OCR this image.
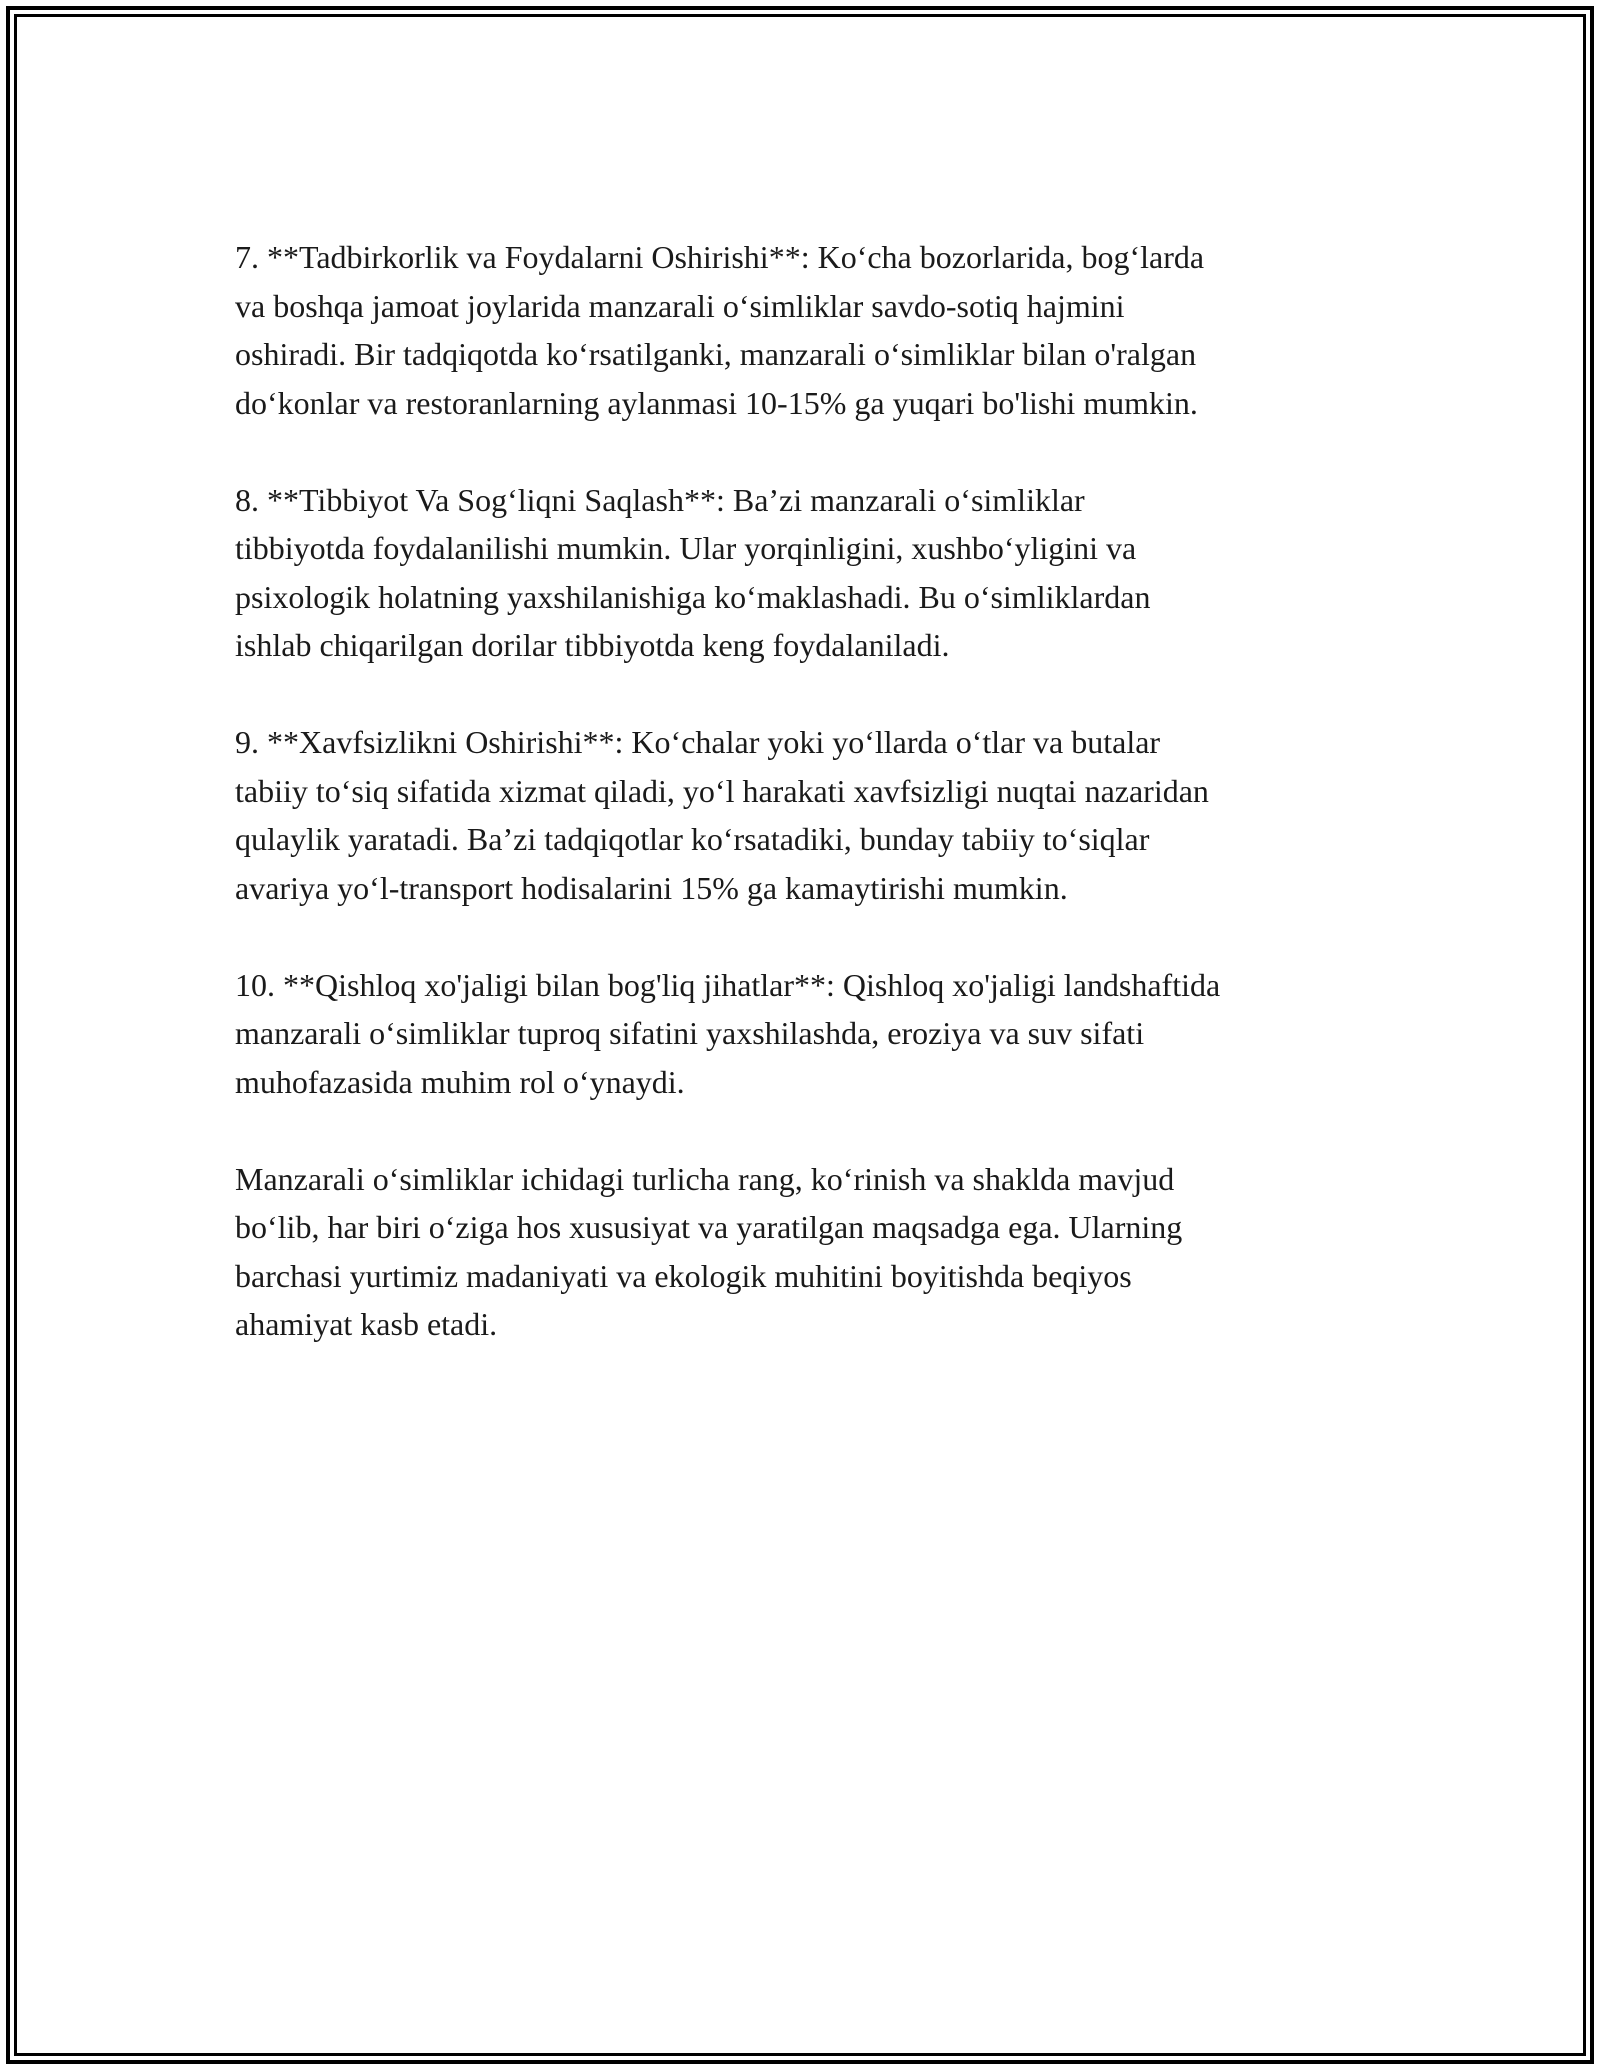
7. **Tadbirkorlik va Foydalarni Oshirishi**: Ko‘cha bozorlarida, bog‘larda
va boshqa jamoat joylarida manzarali o‘simliklar savdo-sotiq hajmini
oshiradi. Bir tadqiqotda ko‘rsatilganki, manzarali o‘simliklar bilan o'ralgan
do‘konlar va restoranlarning aylanmasi 10-15% ga yuqari bo'lishi mumkin.

8. **Tibbiyot Va Sog‘liqni Saqlash**: Ba’zi manzarali o‘simliklar
tibbiyotda foydalanilishi mumkin. Ular yorqinligini, xushbo‘yligini va
psixologik holatning yaxshilanishiga ko‘maklashadi. Bu o‘simliklardan
ishlab chiqarilgan dorilar tibbiyotda keng foydalaniladi.

9. **Xavfsizlikni Oshirishi**: Ko‘chalar yoki yo‘llarda o‘tlar va butalar
tabiiy to‘siq sifatida xizmat qiladi, yo‘l harakati xavfsizligi nuqtai nazaridan
qulaylik yaratadi. Ba’zi tadqiqotlar ko‘rsatadiki, bunday tabiiy to‘siqlar
avariya yo‘l-transport hodisalarini 15% ga kamaytirishi mumkin.

10. **Qishloq xo'jaligi bilan bog'liq jihatlar**: Qishloq xo'jaligi landshaftida
manzarali o‘simliklar tuproq sifatini yaxshilashda, eroziya va suv sifati
muhofazasida muhim rol o‘ynaydi.

Manzarali o‘simliklar ichidagi turlicha rang, ko‘rinish va shaklda mavjud
bo‘lib, har biri o‘ziga hos xususiyat va yaratilgan maqsadga ega. Ularning
barchasi yurtimiz madaniyati va ekologik muhitini boyitishda beqiyos
ahamiyat kasb etadi.
